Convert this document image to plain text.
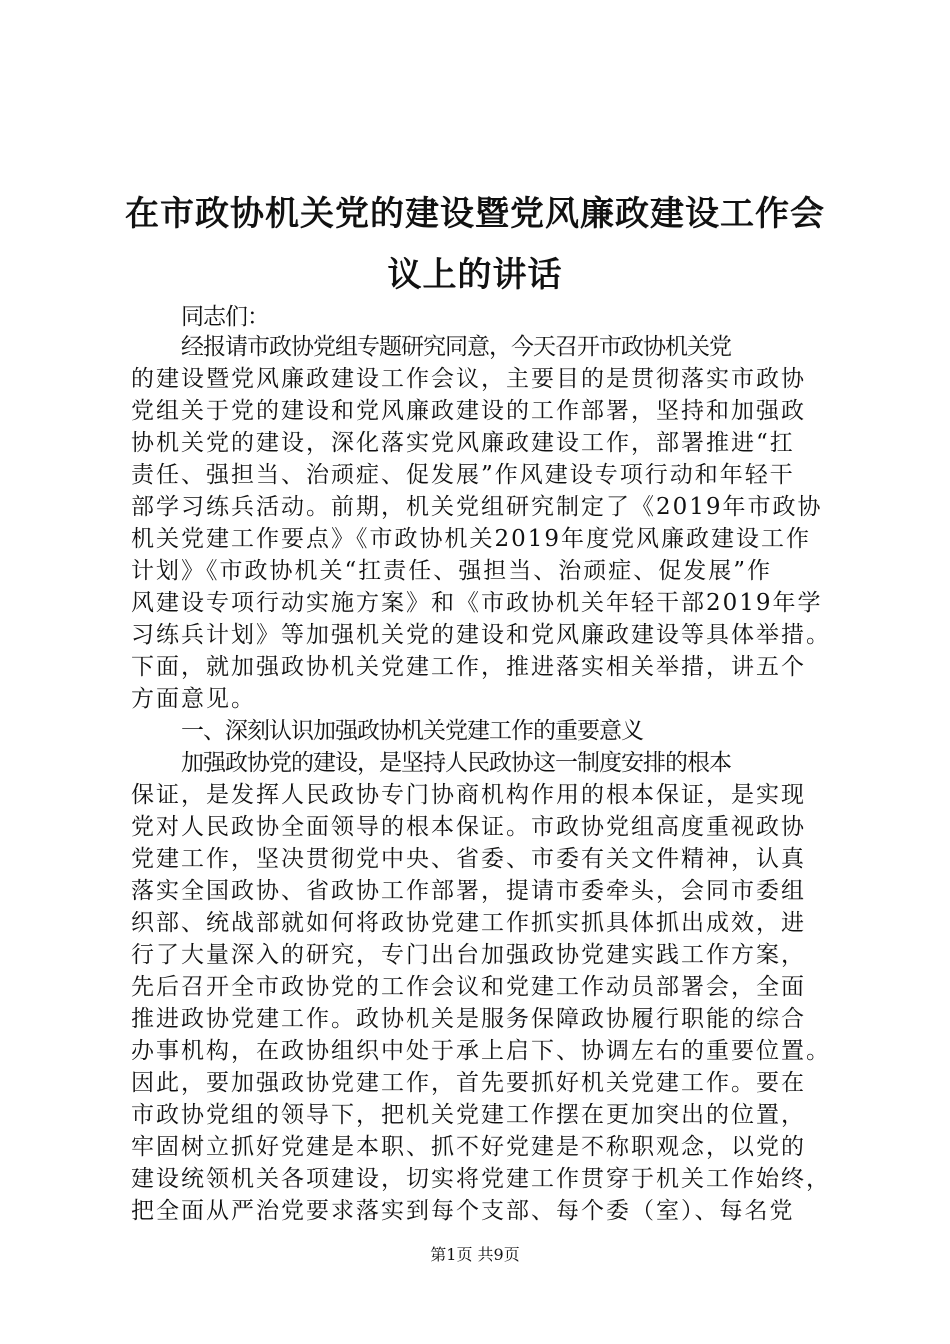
在市政协机关党的建设暨党风廉政建设工作会
议上的讲话
同志们：
经报请市政协党组专题研究同意，今天召开市政协机关党
的建设暨党风廉政建设工作会议，主要目的是贯彻落实市政协
党组关于党的建设和党风廉政建设的工作部署，坚持和加强政
协机关党的建设，深化落实党风廉政建设工作，部署推进“扛
责任、强担当、治顽症、促发展”作风建设专项行动和年轻干
部学习练兵活动。前期，机关党组研究制定了《2019年市政协
机关党建工作要点》《市政协机关2019年度党风廉政建设工作
计划》《市政协机关“扛责任、强担当、治顽症、促发展”作
风建设专项行动实施方案》和《市政协机关年轻干部2019年学
习练兵计划》等加强机关党的建设和党风廉政建设等具体举措。
下面，就加强政协机关党建工作，推进落实相关举措，讲五个
方面意见。
一、深刻认识加强政协机关党建工作的重要意义
加强政协党的建设，是坚持人民政协这一制度安排的根本
保证，是发挥人民政协专门协商机构作用的根本保证，是实现
党对人民政协全面领导的根本保证。市政协党组高度重视政协
党建工作，坚决贯彻党中央、省委、市委有关文件精神，认真
落实全国政协、省政协工作部署，提请市委牵头，会同市委组
织部、统战部就如何将政协党建工作抓实抓具体抓出成效，进
行了大量深入的研究，专门出台加强政协党建实践工作方案，
先后召开全市政协党的工作会议和党建工作动员部署会，全面
推进政协党建工作。政协机关是服务保障政协履行职能的综合
办事机构，在政协组织中处于承上启下、协调左右的重要位置。
因此，要加强政协党建工作，首先要抓好机关党建工作。要在
市政协党组的领导下，把机关党建工作摆在更加突出的位置，
牢固树立抓好党建是本职、抓不好党建是不称职观念，以党的
建设统领机关各项建设，切实将党建工作贯穿于机关工作始终，
把全面从严治党要求落实到每个支部、每个委（室）、每名党
第1页 共9页
